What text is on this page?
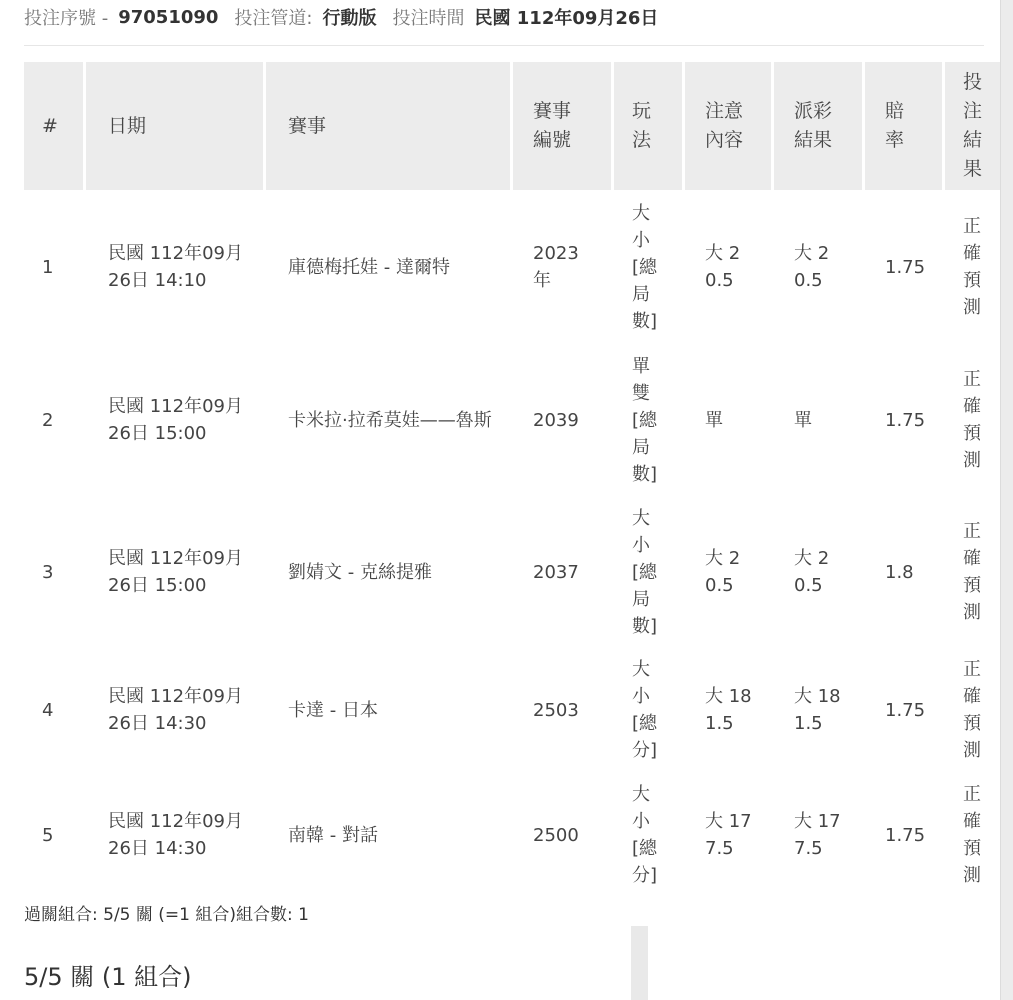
投注序號 - 97051090 投注管道: 行動版 投注時間 民國 112年09月26日
#	日期	賽事	賽事編號	玩法	注意內容	派彩結果	賠率	投注結果

1	民國 112年09月26日 14:10	庫德梅托娃 - 達爾特	2023年	大小[總局數]	大 20.5	大 20.5	1.75	正確預測

2	民國 112年09月26日 15:00	卡米拉·拉希莫娃——魯斯	2039	單雙[總局數]	單	單	1.75	正確預測

3	民國 112年09月26日 15:00	劉婧文 - 克絲提雅	2037	大小[總局數]	大 20.5	大 20.5	1.8	正確預測

4	民國 112年09月26日 14:30	卡達 - 日本	2503	大小[總分]	大 181.5	大 181.5	1.75	正確預測

5	民國 112年09月26日 14:30	南韓 - 對話	2500	大小[總分]	大 177.5	大 177.5	1.75	正確預測
過關組合: 5/5 關 (=1 組合)組合數: 1
5/5 關 (1 組合)
